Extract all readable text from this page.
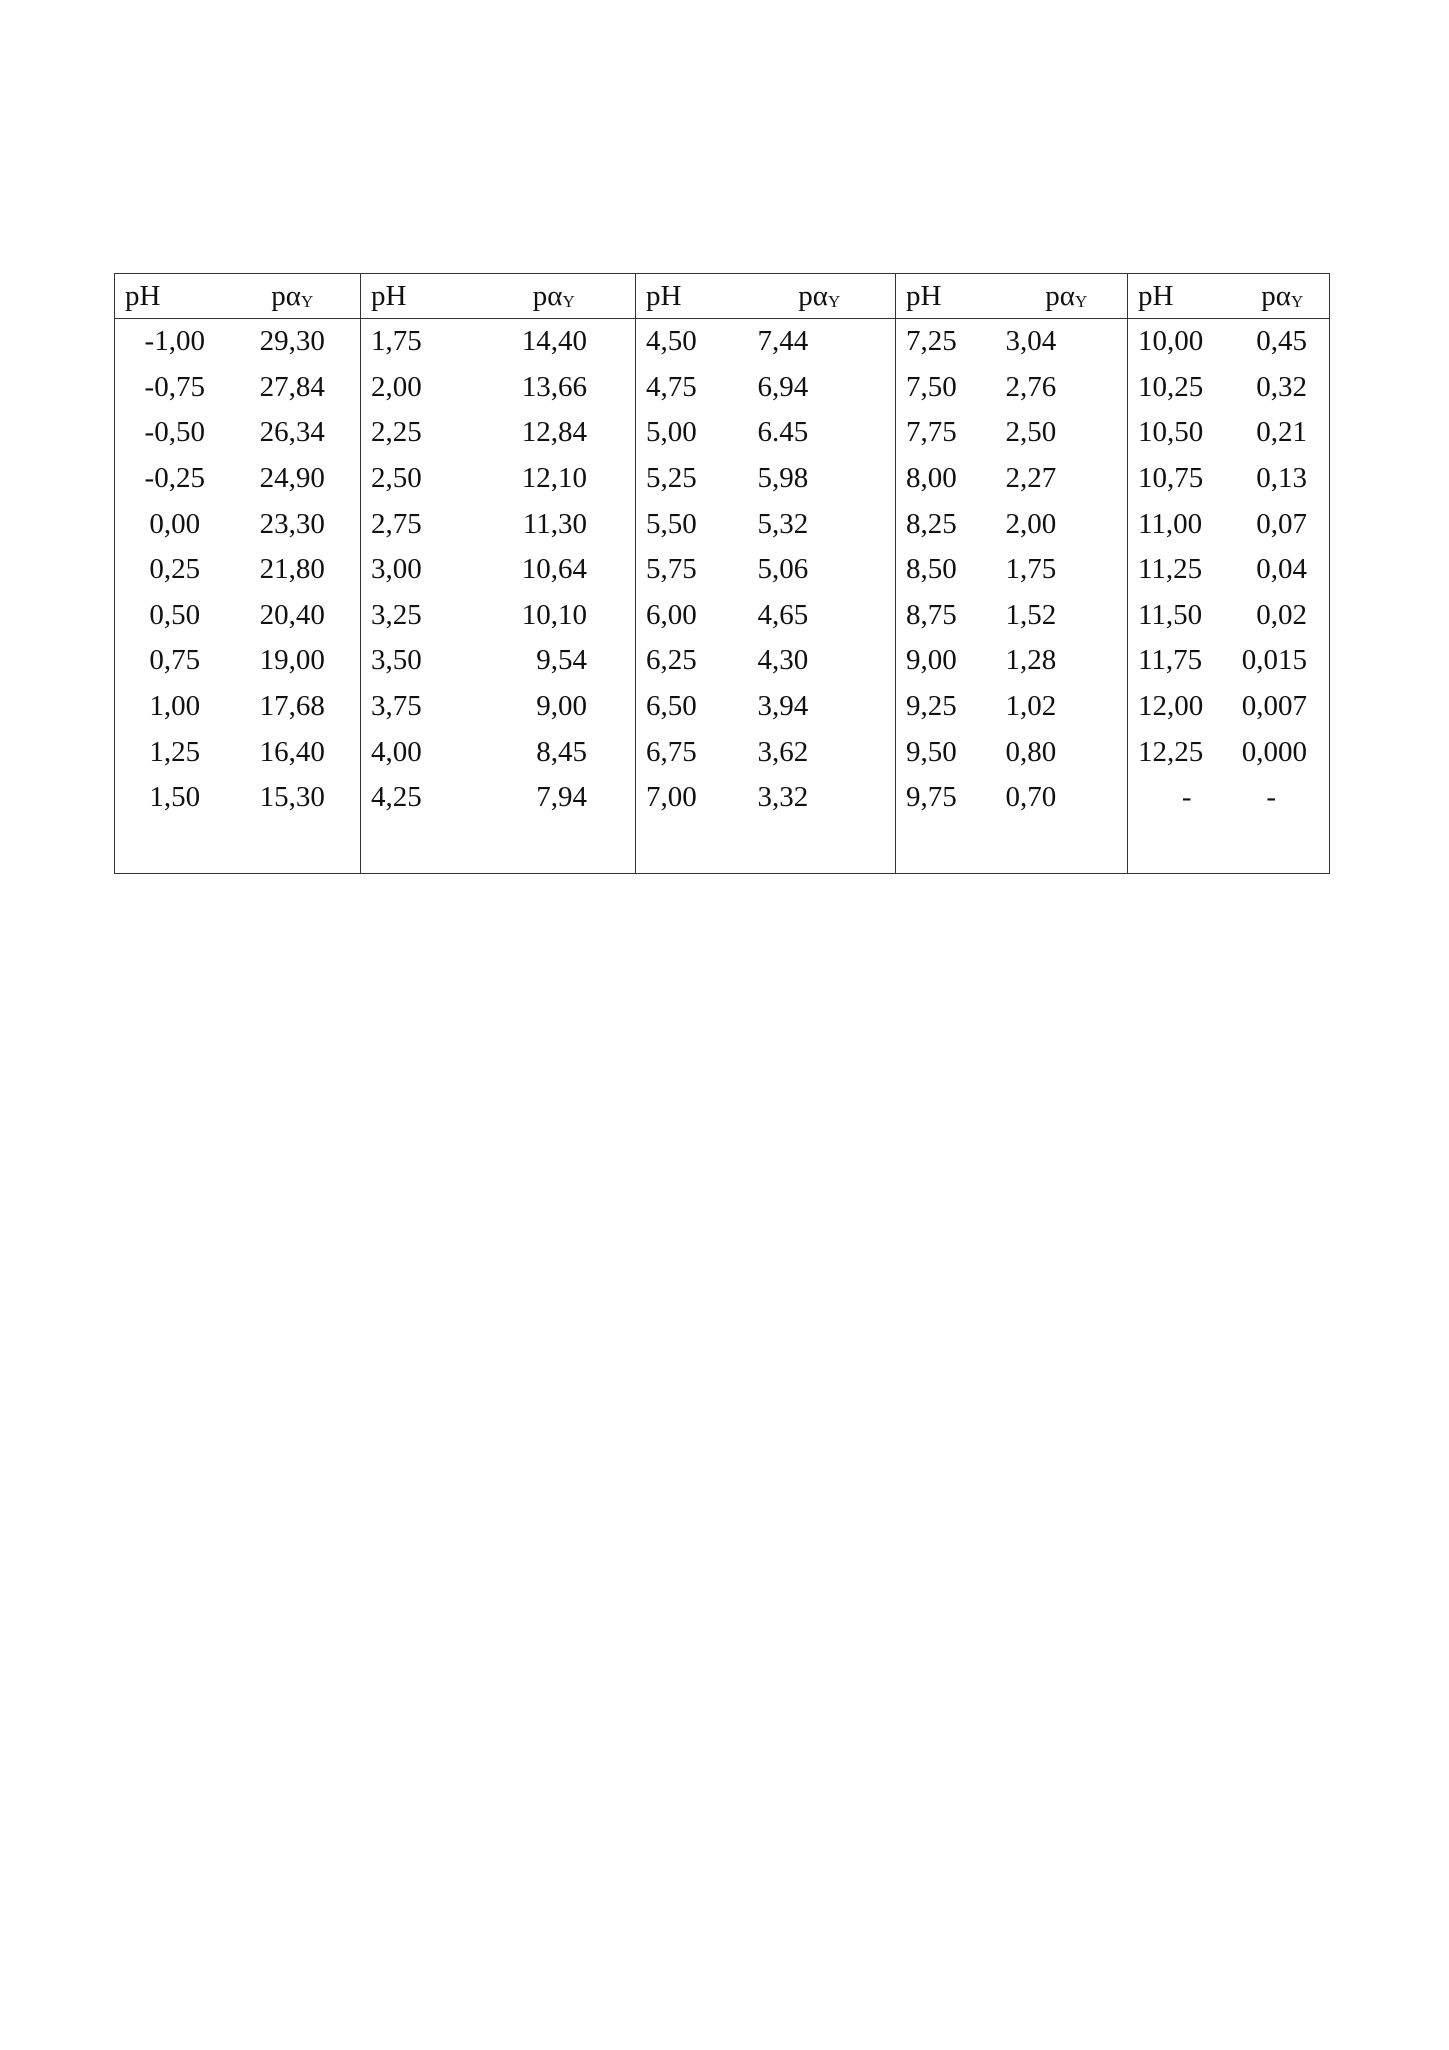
pH	pαY	pH	pαY	pH	pαY	pH	pαY	pH	pαY
-1,00	29,30	1,75	14,40	4,50	7,44	7,25	3,04	10,00	0,45
-0,75	27,84	2,00	13,66	4,75	6,94	7,50	2,76	10,25	0,32
-0,50	26,34	2,25	12,84	5,00	6.45	7,75	2,50	10,50	0,21
-0,25	24,90	2,50	12,10	5,25	5,98	8,00	2,27	10,75	0,13
0,00	23,30	2,75	11,30	5,50	5,32	8,25	2,00	11,00	0,07
0,25	21,80	3,00	10,64	5,75	5,06	8,50	1,75	11,25	0,04
0,50	20,40	3,25	10,10	6,00	4,65	8,75	1,52	11,50	0,02
0,75	19,00	3,50	9,54	6,25	4,30	9,00	1,28	11,75	0,015
1,00	17,68	3,75	9,00	6,50	3,94	9,25	1,02	12,00	0,007
1,25	16,40	4,00	8,45	6,75	3,62	9,50	0,80	12,25	0,000
1,50	15,30	4,25	7,94	7,00	3,32	9,75	0,70	-	-
